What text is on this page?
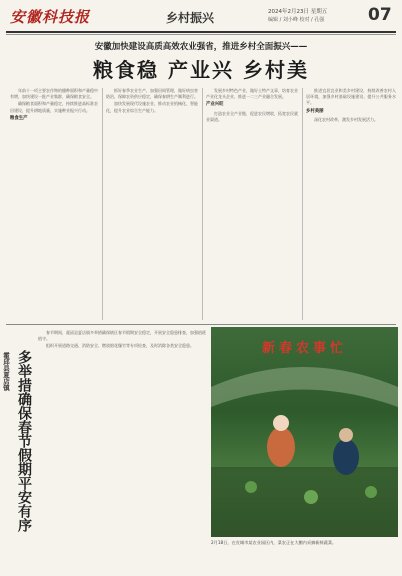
安徽科技报	乡村振兴	2024年2月23日 星期五
编辑 / 刘小峰 校对 / 孔强	07
安徽加快建设高质高效农业强省，推进乡村全面振兴——
粮食稳 产业兴 乡村美

年前十一项主要农作物的播种面积和产量稳中有增，加快建设一批产业集群，确保粮食安全。

确保粮食面积和产量稳定，持续推进高标准农田建设，提升耕地质量，实施种业振兴行动。

粮食生产

抓好春季农业生产，加强田间管理，做好病虫害防治，保障农资供应稳定，确保春耕生产顺利进行。

加快发展现代设施农业，推动农业机械化、智能化，提升农业综合生产能力。

发展乡村特色产业，做好土特产文章，培育农业产业化龙头企业，推进一二三产业融合发展。

产业兴旺

打造农业全产业链，促进农民增收，拓宽农民就业渠道。

推进宜居宜业和美乡村建设，持续改善农村人居环境，加强乡村基础设施建设，提升公共服务水平。

乡村美丽

深化农村改革，激发乡村发展活力。

霍邱县夏店镇 多举措确保春节假期平安有序

春节期间，霍邱县夏店镇多举措确保辖区春节假期安全稳定，开展安全隐患排查，加强值班值守。

组织开展道路交通、消防安全、燃放烟花爆竹等专项检查，及时消除各类安全隐患。	新春农事忙
2月18日，在宣城市某农业园区内，菜农正在大棚内采摘新鲜蔬菜。
